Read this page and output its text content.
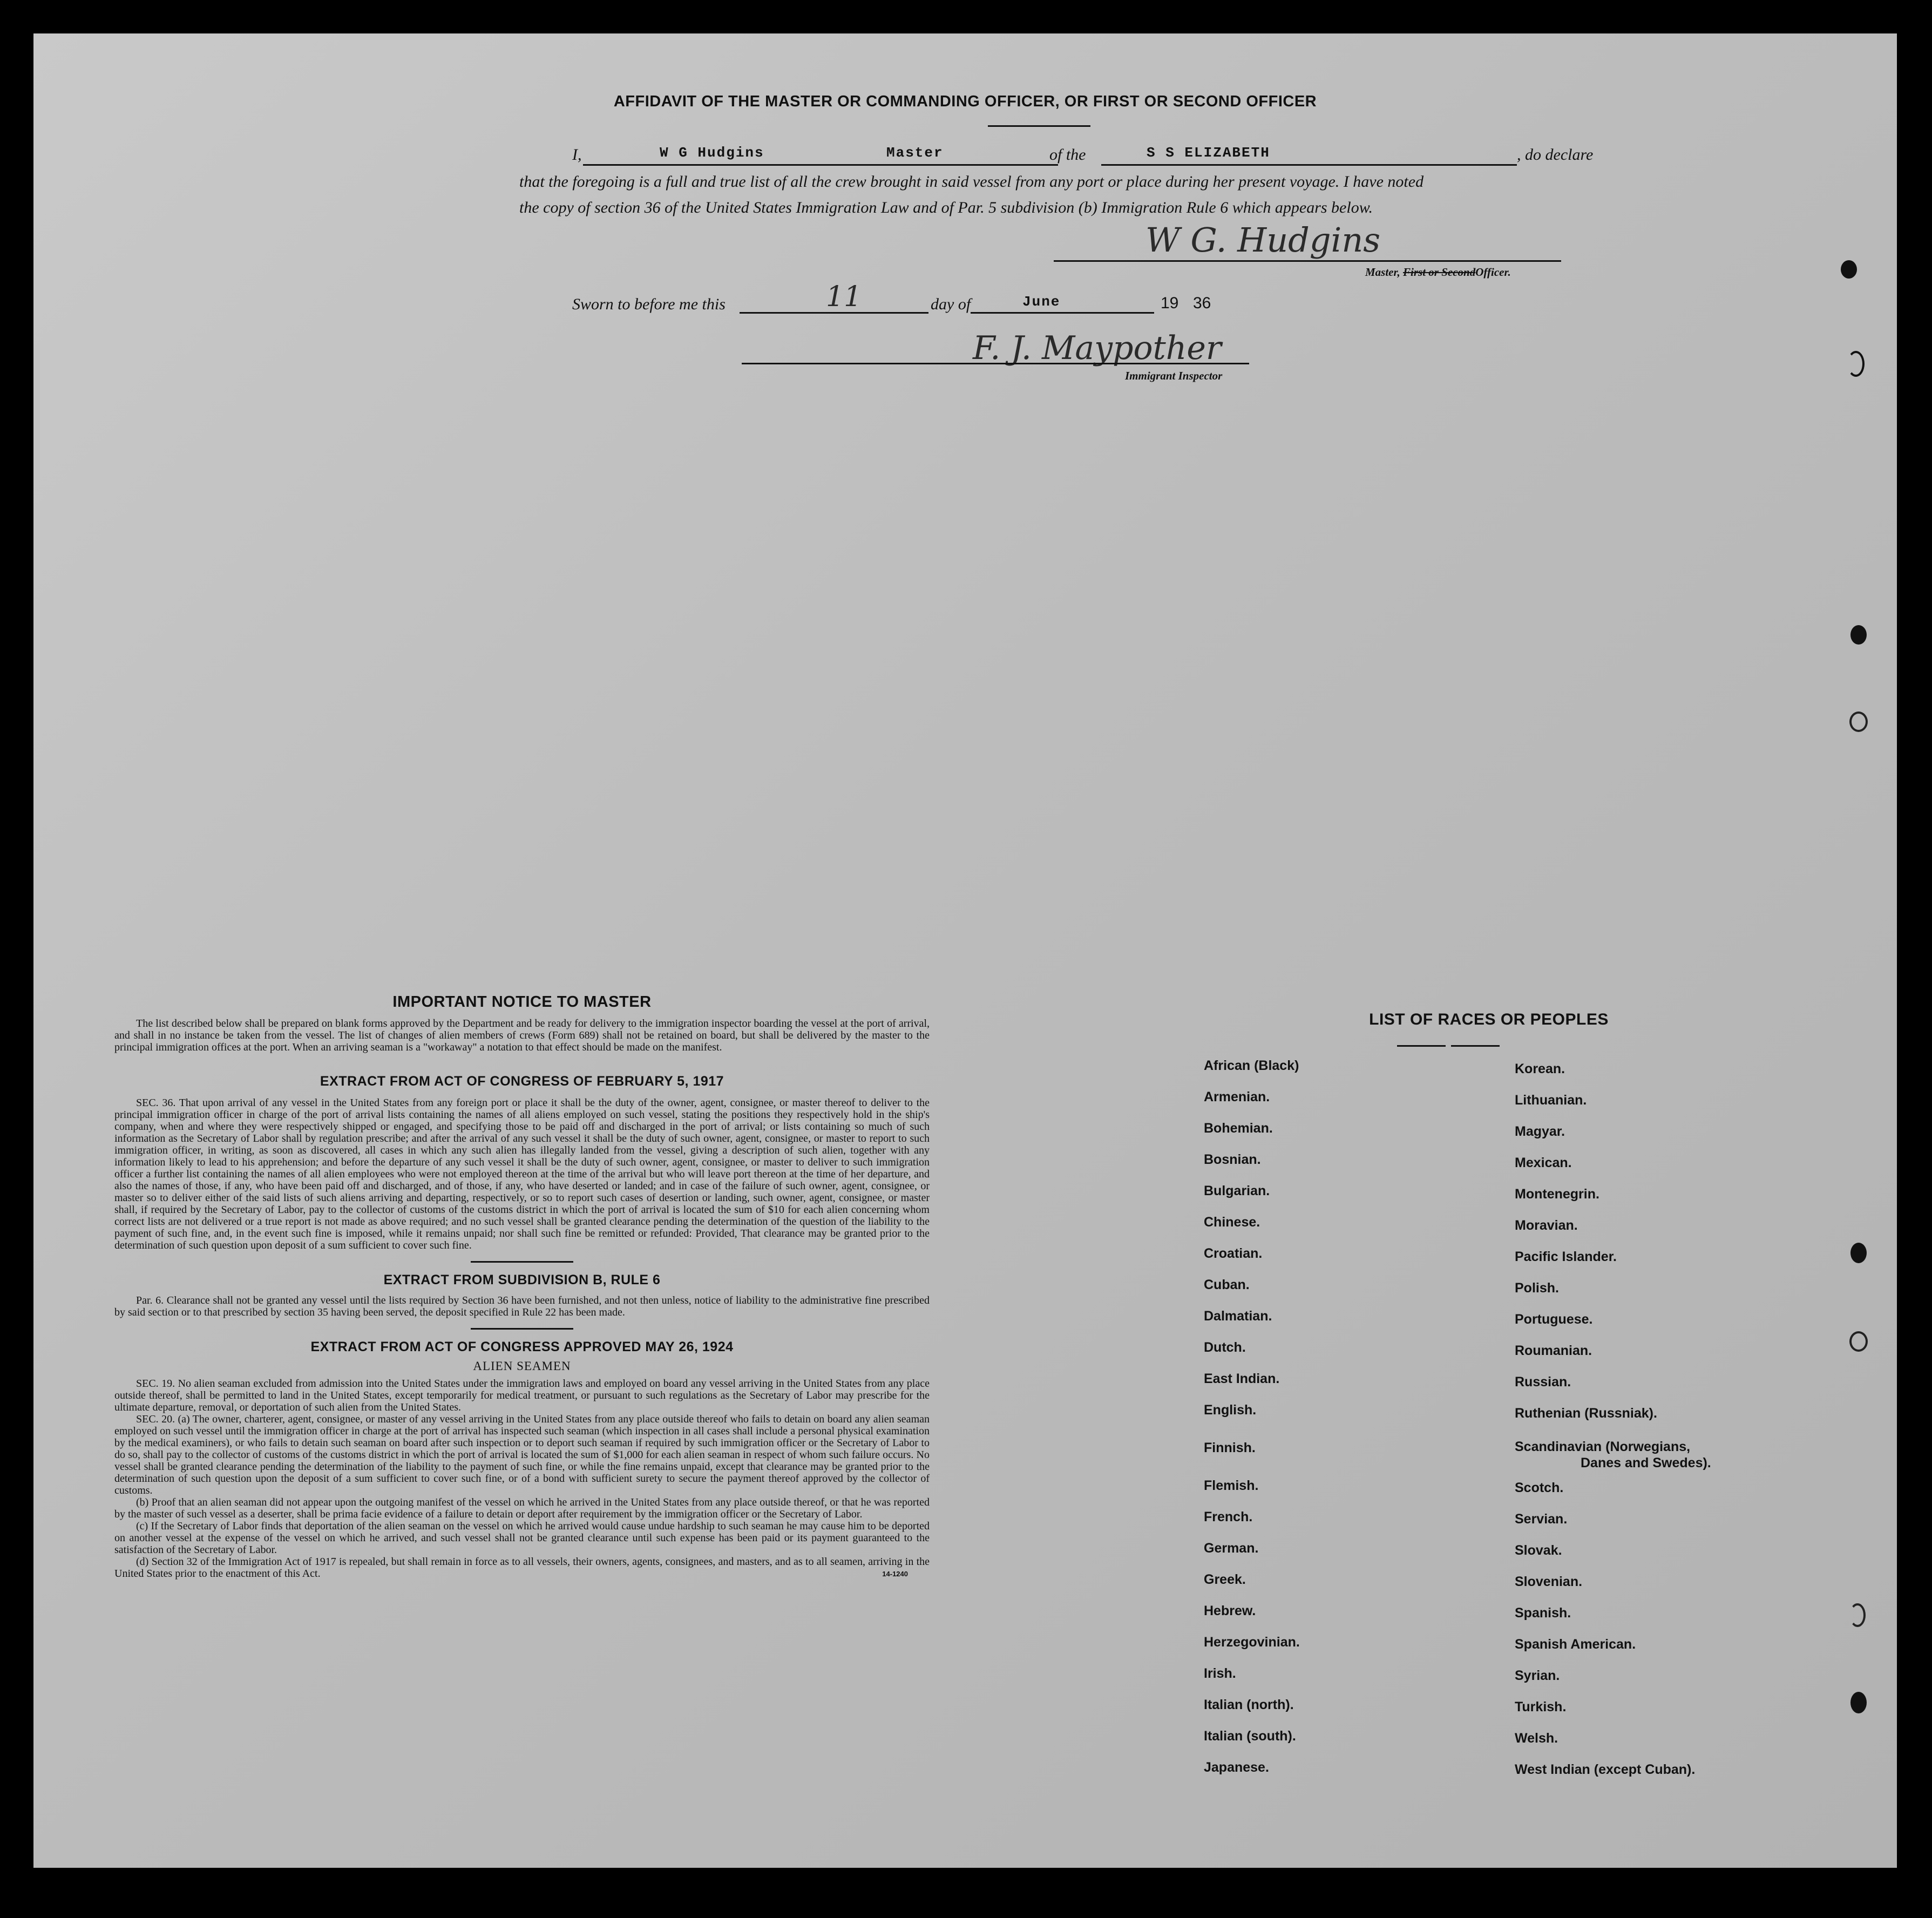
AFFIDAVIT OF THE MASTER OR COMMANDING OFFICER, OR FIRST OR SECOND OFFICER
I,	W G Hudgins	Master	of the	S S ELIZABETH	, do declare
that the foregoing is a full and true list of all the crew brought in said vessel from any port or place during her present voyage. I have noted
the copy of section 36 of the United States Immigration Law and of Par. 5 subdivision (b) Immigration Rule 6 which appears below.
W G. Hudgins
Master, First or SecondOfficer.
Sworn to before me this	11	day of	June	19 36
F. J. Maypother
Immigrant Inspector
IMPORTANT NOTICE TO MASTER

The list described below shall be prepared on blank forms approved by the Department and be ready for delivery to the immigration inspector boarding the vessel at the port of arrival, and shall in no instance be taken from the vessel. The list of changes of alien members of crews (Form 689) shall not be retained on board, but shall be delivered by the master to the principal immigration offices at the port. When an arriving seaman is a "workaway" a notation to that effect should be made on the manifest.

EXTRACT FROM ACT OF CONGRESS OF FEBRUARY 5, 1917

SEC. 36. That upon arrival of any vessel in the United States from any foreign port or place it shall be the duty of the owner, agent, consignee, or master thereof to deliver to the principal immigration officer in charge of the port of arrival lists containing the names of all aliens employed on such vessel, stating the positions they respectively hold in the ship's company, when and where they were respectively shipped or engaged, and specifying those to be paid off and discharged in the port of arrival; or lists containing so much of such information as the Secretary of Labor shall by regulation prescribe; and after the arrival of any such vessel it shall be the duty of such owner, agent, consignee, or master to report to such immigration officer, in writing, as soon as discovered, all cases in which any such alien has illegally landed from the vessel, giving a description of such alien, together with any information likely to lead to his apprehension; and before the departure of any such vessel it shall be the duty of such owner, agent, consignee, or master to deliver to such immigration officer a further list containing the names of all alien employees who were not employed thereon at the time of the arrival but who will leave port thereon at the time of her departure, and also the names of those, if any, who have been paid off and discharged, and of those, if any, who have deserted or landed; and in case of the failure of such owner, agent, consignee, or master so to deliver either of the said lists of such aliens arriving and departing, respectively, or so to report such cases of desertion or landing, such owner, agent, consignee, or master shall, if required by the Secretary of Labor, pay to the collector of customs of the customs district in which the port of arrival is located the sum of $10 for each alien concerning whom correct lists are not delivered or a true report is not made as above required; and no such vessel shall be granted clearance pending the determination of the question of the liability to the payment of such fine, and, in the event such fine is imposed, while it remains unpaid; nor shall such fine be remitted or refunded: Provided, That clearance may be granted prior to the determination of such question upon deposit of a sum sufficient to cover such fine.

EXTRACT FROM SUBDIVISION B, RULE 6

Par. 6. Clearance shall not be granted any vessel until the lists required by Section 36 have been furnished, and not then unless, notice of liability to the administrative fine prescribed by said section or to that prescribed by section 35 having been served, the deposit specified in Rule 22 has been made.

EXTRACT FROM ACT OF CONGRESS APPROVED MAY 26, 1924
ALIEN SEAMEN

SEC. 19. No alien seaman excluded from admission into the United States under the immigration laws and employed on board any vessel arriving in the United States from any place outside thereof, shall be permitted to land in the United States, except temporarily for medical treatment, or pursuant to such regulations as the Secretary of Labor may prescribe for the ultimate departure, removal, or deportation of such alien from the United States.

SEC. 20. (a) The owner, charterer, agent, consignee, or master of any vessel arriving in the United States from any place outside thereof who fails to detain on board any alien seaman employed on such vessel until the immigration officer in charge at the port of arrival has inspected such seaman (which inspection in all cases shall include a personal physical examination by the medical examiners), or who fails to detain such seaman on board after such inspection or to deport such seaman if required by such immigration officer or the Secretary of Labor to do so, shall pay to the collector of customs of the customs district in which the port of arrival is located the sum of $1,000 for each alien seaman in respect of whom such failure occurs. No vessel shall be granted clearance pending the determination of the liability to the payment of such fine, or while the fine remains unpaid, except that clearance may be granted prior to the determination of such question upon the deposit of a sum sufficient to cover such fine, or of a bond with sufficient surety to secure the payment thereof approved by the collector of customs.

(b) Proof that an alien seaman did not appear upon the outgoing manifest of the vessel on which he arrived in the United States from any place outside thereof, or that he was reported by the master of such vessel as a deserter, shall be prima facie evidence of a failure to detain or deport after requirement by the immigration officer or the Secretary of Labor.

(c) If the Secretary of Labor finds that deportation of the alien seaman on the vessel on which he arrived would cause undue hardship to such seaman he may cause him to be deported on another vessel at the expense of the vessel on which he arrived, and such vessel shall not be granted clearance until such expense has been paid or its payment guaranteed to the satisfaction of the Secretary of Labor.

(d) Section 32 of the Immigration Act of 1917 is repealed, but shall remain in force as to all vessels, their owners, agents, consignees, and masters, and as to all seamen, arriving in the United States prior to the enactment of this Act.	14-1240
LIST OF RACES OR PEOPLES
African (Black)
Armenian.
Bohemian.
Bosnian.
Bulgarian.
Chinese.
Croatian.
Cuban.
Dalmatian.
Dutch.
East Indian.
English.
Finnish.
Flemish.
French.
German.
Greek.
Hebrew.
Herzegovinian.
Irish.
Italian (north).
Italian (south).
Japanese.
Korean.
Lithuanian.
Magyar.
Mexican.
Montenegrin.
Moravian.
Pacific Islander.
Polish.
Portuguese.
Roumanian.
Russian.
Ruthenian (Russniak).
Scandinavian (Norwegians,
Scotch.
Servian.
Slovak.
Slovenian.
Spanish.
Spanish American.
Syrian.
Turkish.
Welsh.
West Indian (except Cuban).
Danes and Swedes).
